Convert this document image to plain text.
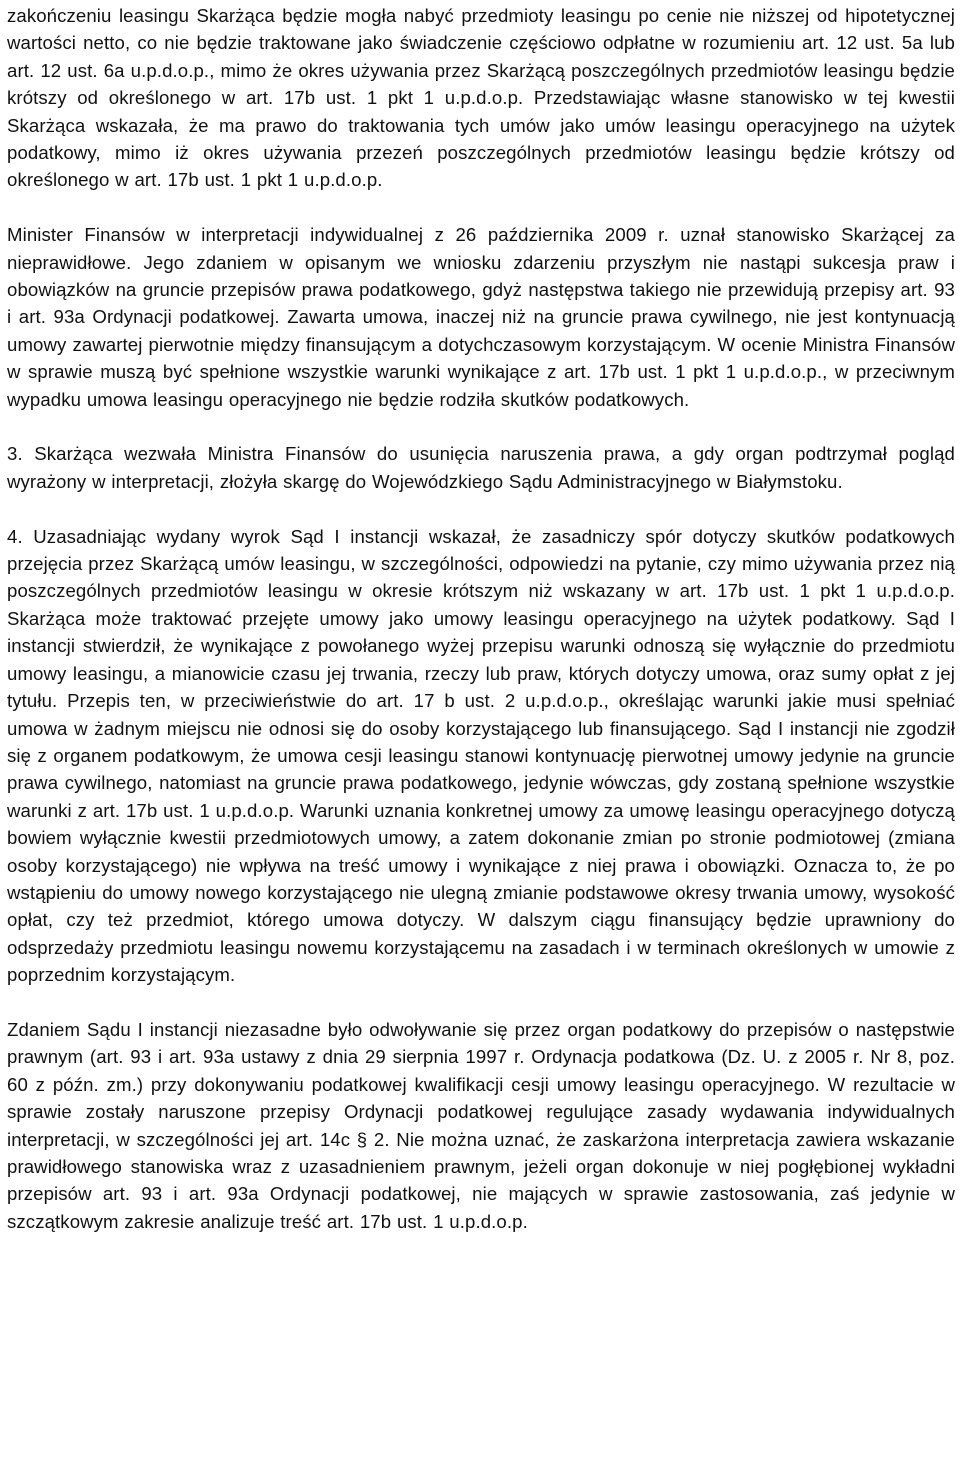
zakończeniu leasingu Skarżąca będzie mogła nabyć przedmioty leasingu po cenie nie niższej od hipotetycznej wartości netto, co nie będzie traktowane jako świadczenie częściowo odpłatne w rozumieniu art. 12 ust. 5a lub art. 12 ust. 6a u.p.d.o.p., mimo że okres używania przez Skarżącą poszczególnych przedmiotów leasingu będzie krótszy od określonego w art. 17b ust. 1 pkt 1 u.p.d.o.p. Przedstawiając własne stanowisko w tej kwestii Skarżąca wskazała, że ma prawo do traktowania tych umów jako umów leasingu operacyjnego na użytek podatkowy, mimo iż okres używania przezeń poszczególnych przedmiotów leasingu będzie krótszy od określonego w art. 17b ust. 1 pkt 1 u.p.d.o.p.

Minister Finansów w interpretacji indywidualnej z 26 października 2009 r. uznał stanowisko Skarżącej za nieprawidłowe. Jego zdaniem w opisanym we wniosku zdarzeniu przyszłym nie nastąpi sukcesja praw i obowiązków na gruncie przepisów prawa podatkowego, gdyż następstwa takiego nie przewidują przepisy art. 93 i art. 93a Ordynacji podatkowej. Zawarta umowa, inaczej niż na gruncie prawa cywilnego, nie jest kontynuacją umowy zawartej pierwotnie między finansującym a dotychczasowym korzystającym. W ocenie Ministra Finansów w sprawie muszą być spełnione wszystkie warunki wynikające z art. 17b ust. 1 pkt 1 u.p.d.o.p., w przeciwnym wypadku umowa leasingu operacyjnego nie będzie rodziła skutków podatkowych.

3. Skarżąca wezwała Ministra Finansów do usunięcia naruszenia prawa, a gdy organ podtrzymał pogląd wyrażony w interpretacji, złożyła skargę do Wojewódzkiego Sądu Administracyjnego w Białymstoku.

4. Uzasadniając wydany wyrok Sąd I instancji wskazał, że zasadniczy spór dotyczy skutków podatkowych przejęcia przez Skarżącą umów leasingu, w szczególności, odpowiedzi na pytanie, czy mimo używania przez nią poszczególnych przedmiotów leasingu w okresie krótszym niż wskazany w art. 17b ust. 1 pkt 1 u.p.d.o.p. Skarżąca może traktować przejęte umowy jako umowy leasingu operacyjnego na użytek podatkowy. Sąd I instancji stwierdził, że wynikające z powołanego wyżej przepisu warunki odnoszą się wyłącznie do przedmiotu umowy leasingu, a mianowicie czasu jej trwania, rzeczy lub praw, których dotyczy umowa, oraz sumy opłat z jej tytułu. Przepis ten, w przeciwieństwie do art. 17 b ust. 2 u.p.d.o.p., określając warunki jakie musi spełniać umowa w żadnym miejscu nie odnosi się do osoby korzystającego lub finansującego. Sąd I instancji nie zgodził się z organem podatkowym, że umowa cesji leasingu stanowi kontynuację pierwotnej umowy jedynie na gruncie prawa cywilnego, natomiast na gruncie prawa podatkowego, jedynie wówczas, gdy zostaną spełnione wszystkie warunki z art. 17b ust. 1 u.p.d.o.p. Warunki uznania konkretnej umowy za umowę leasingu operacyjnego dotyczą bowiem wyłącznie kwestii przedmiotowych umowy, a zatem dokonanie zmian po stronie podmiotowej (zmiana osoby korzystającego) nie wpływa na treść umowy i wynikające z niej prawa i obowiązki. Oznacza to, że po wstąpieniu do umowy nowego korzystającego nie ulegną zmianie podstawowe okresy trwania umowy, wysokość opłat, czy też przedmiot, którego umowa dotyczy. W dalszym ciągu finansujący będzie uprawniony do odsprzedaży przedmiotu leasingu nowemu korzystającemu na zasadach i w terminach określonych w umowie z poprzednim korzystającym.

Zdaniem Sądu I instancji niezasadne było odwoływanie się przez organ podatkowy do przepisów o następstwie prawnym (art. 93 i art. 93a ustawy z dnia 29 sierpnia 1997 r. Ordynacja podatkowa (Dz. U. z 2005 r. Nr 8, poz. 60 z późn. zm.) przy dokonywaniu podatkowej kwalifikacji cesji umowy leasingu operacyjnego. W rezultacie w sprawie zostały naruszone przepisy Ordynacji podatkowej regulujące zasady wydawania indywidualnych interpretacji, w szczególności jej art. 14c § 2. Nie można uznać, że zaskarżona interpretacja zawiera wskazanie prawidłowego stanowiska wraz z uzasadnieniem prawnym, jeżeli organ dokonuje w niej pogłębionej wykładni przepisów art. 93 i art. 93a Ordynacji podatkowej, nie mających w sprawie zastosowania, zaś jedynie w szczątkowym zakresie analizuje treść art. 17b ust. 1 u.p.d.o.p.
